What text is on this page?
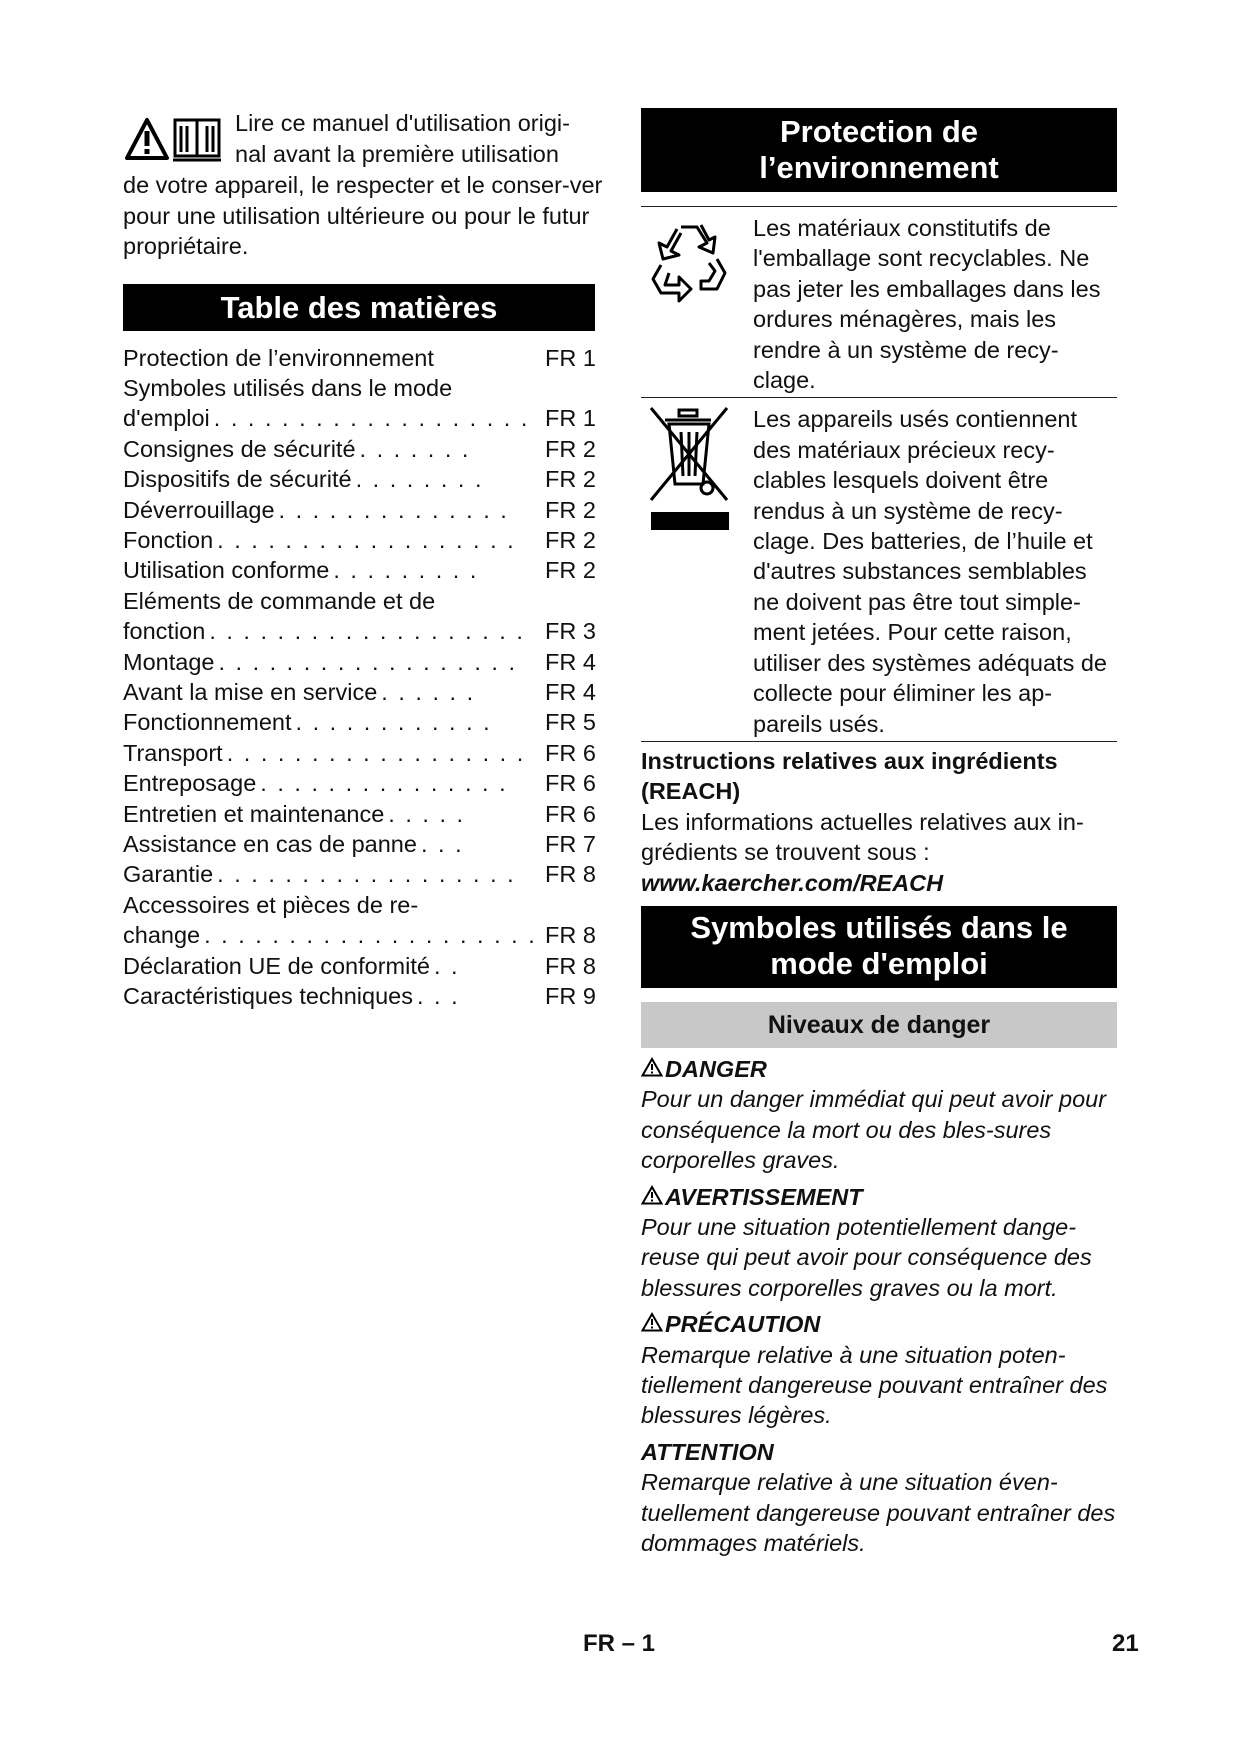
Lire ce manuel d'utilisation origi-

nal avant la première utilisation

de votre appareil, le respecter et le conser-ver pour une utilisation ultérieure ou pour le futur propriétaire.

Table des matières
Protection de l’environnement	FR 1
Symboles utilisés dans le mode
d'emploi . . . . . . . . . . . . . . . . . . . FR 1
Consignes de sécurité . . . . . . .	FR 2
Dispositifs de sécurité . . . . . . . .	FR 2
Déverrouillage . . . . . . . . . . . . . .	FR 2
Fonction . . . . . . . . . . . . . . . . . .	FR 2
Utilisation conforme . . . . . . . . .	FR 2
Eléments de commande et de
fonction . . . . . . . . . . . . . . . . . . . FR 3
Montage . . . . . . . . . . . . . . . . . .	FR 4
Avant la mise en service . . . . . .	FR 4
Fonctionnement . . . . . . . . . . . .	FR 5
Transport . . . . . . . . . . . . . . . . . . FR 6
Entreposage . . . . . . . . . . . . . . .	FR 6
Entretien et maintenance . . . . .	FR 6
Assistance en cas de panne . . .	FR 7
Garantie . . . . . . . . . . . . . . . . . .	FR 8
Accessoires et pièces de re-
change . . . . . . . . . . . . . . . . . . . . FR 8
Déclaration UE de conformité . .	FR 8
Caractéristiques techniques . . .	FR 9
Protection de
l’environnement
Les matériaux constitutifs de l'emballage sont recyclables. Ne pas jeter les emballages dans les ordures ménagères, mais les rendre à un système de recy-clage.
Les appareils usés contiennent des matériaux précieux recy-clables lesquels doivent être rendus à un système de recy-clage. Des batteries, de l’huile et d'autres substances semblables ne doivent pas être tout simple-ment jetées. Pour cette raison, utiliser des systèmes adéquats de collecte pour éliminer les ap-pareils usés.
Instructions relatives aux ingrédients (REACH)
Les informations actuelles relatives aux in-grédients se trouvent sous :
www.kaercher.com/REACH
Symboles utilisés dans le
mode d'emploi
Niveaux de danger
DANGER
Pour un danger immédiat qui peut avoir pour conséquence la mort ou des bles-sures corporelles graves.
AVERTISSEMENT
Pour une situation potentiellement dange-reuse qui peut avoir pour conséquence des blessures corporelles graves ou la mort.
PRÉCAUTION
Remarque relative à une situation poten-tiellement dangereuse pouvant entraîner des blessures légères.
ATTENTION
Remarque relative à une situation éven-tuellement dangereuse pouvant entraîner des dommages matériels.
FR – 1	21
